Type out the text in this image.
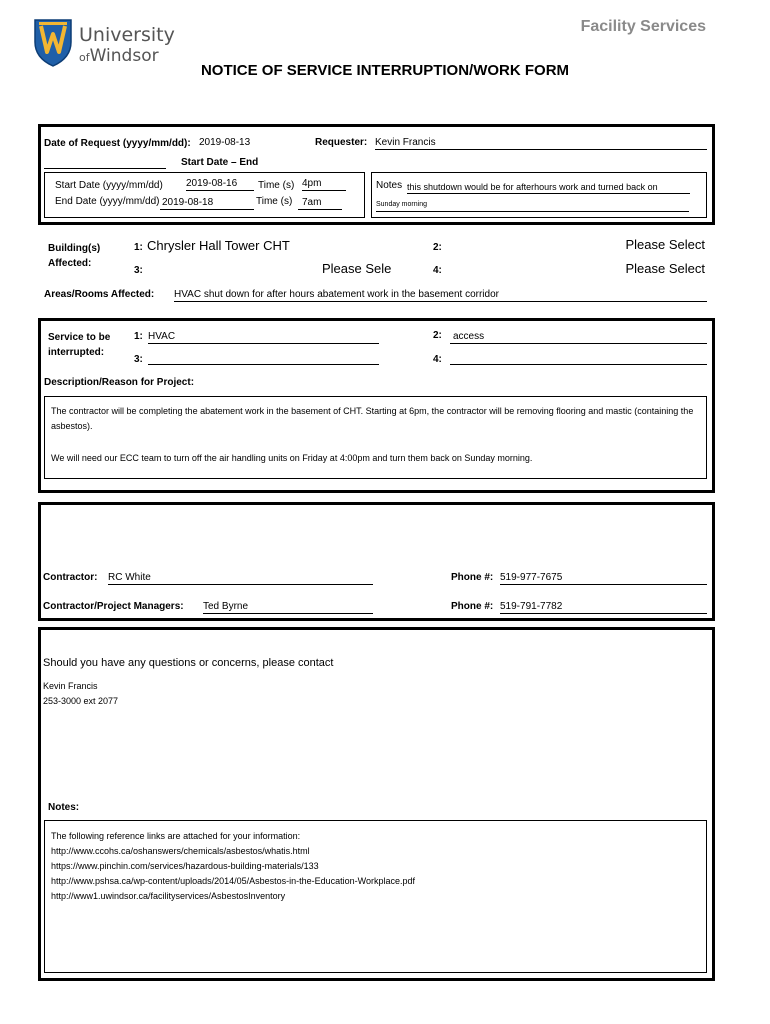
University
ofWindsor
Facility Services
NOTICE OF SERVICE INTERRUPTION/WORK FORM
Date of Request (yyyy/mm/dd): 2019-08-13	Requester: Kevin Francis
Start Date – End
Start Date (yyyy/mm/dd) 2019-08-16	Time (s) 4pm
End Date (yyyy/mm/dd) 2019-08-18	Time (s) 7am
Notes this shutdown would be for afterhours work and turned back on
Sunday morning
Building(s)
Affected:
1: Chrysler Hall Tower CHT	2:	Please Select
3:	Please Sele	4:	Please Select
Areas/Rooms Affected: HVAC shut down for after hours abatement work in the basement corridor
Service to be
interrupted:
1: HVAC	2:	access
3:	4:
Description/Reason for Project:
The contractor will be completing the abatement work in the basement of CHT. Starting at 6pm, the contractor will be removing flooring and mastic (containing the asbestos).
We will need our ECC team to turn off the air handling units on Friday at 4:00pm and turn them back on Sunday morning.
Contractor: RC White	Phone #: 519-977-7675
Contractor/Project Managers: Ted Byrne	Phone #: 519-791-7782
Should you have any questions or concerns, please contact
Kevin Francis
253-3000 ext 2077
Notes:
The following reference links are attached for your information:
http://www.ccohs.ca/oshanswers/chemicals/asbestos/whatis.html
https://www.pinchin.com/services/hazardous-building-materials/133
http://www.pshsa.ca/wp-content/uploads/2014/05/Asbestos-in-the-Education-Workplace.pdf
http://www1.uwindsor.ca/facilityservices/AsbestosInventory
